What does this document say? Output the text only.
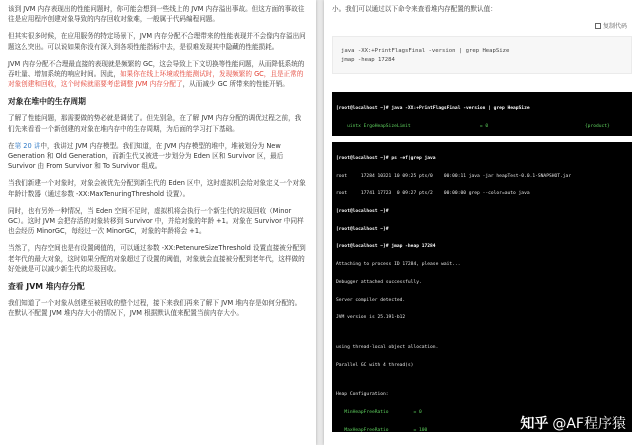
该到 JVM 内存表现出的性能问题时，你可能会想到一些线上的 JVM 内存溢出事故。但这方面的事故往往是应用程序创建对象导致的内存回收对象难，一般属于代码编程问题。
但其实很多时候，在应用服务的特定场景下，JVM 内存分配不合理带来的性能表现并不会像内存溢出问题这么突出。可以说如果你没有深入到各项性能指标中去，是很难发现其中隐藏的性能损耗。
JVM 内存分配不合理最直接的表现就是频繁的 GC，这会导致上下文切换等性能问题，从而降低系统的吞吐量、增加系统的响应时间。因此，如果你在线上环境或性能测试时，发现频繁的 GC，且是正常的对象创建和回收，这个时候就需要考虑调整 JVM 内存分配了，从而减少 GC 所带来的性能开销。
对象在堆中的生存周期
了解了性能问题，那需要做的势必就是调优了。但先别急，在了解 JVM 内存分配的调优过程之前，我们先来看看一个新创建的对象在堆内存中的生存周期，为后面的学习打下基础。
在第 20 讲中，我讲过 JVM 内存模型。我们知道，在 JVM 内存模型的堆中，堆被划分为 New Generation 和 Old Generation，而新生代又被进一步划分为 Eden 区和 Survivor 区，最后 Survivor 由 From Survivor 和 To Survivor 组成。
当我们新建一个对象时，对象会被优先分配到新生代的 Eden 区中，这时虚拟机会给对象定义一个对象年龄计数器（通过参数 -XX:MaxTenuringThreshold 设置）。
同时，也有另外一种情况，当 Eden 空间不足时，虚拟机将会执行一个新生代的垃圾回收（Minor GC）。这时 JVM 会把存活的对象转移到 Survivor 中，并给对象的年龄 +1。对象在 Survivor 中同样也会经历 MinorGC，每经过一次 MinorGC，对象的年龄将会 +1。
当然了，内存空间也是有设置阈值的，可以通过参数 -XX:PetenureSizeThreshold 设置直接被分配到老年代的最大对象，这时如果分配的对象超过了设置的阈值，对象就会直接被分配到老年代，这样做的好处就是可以减少新生代的垃圾回收。
查看 JVM 堆内存分配
我们知道了一个对象从创建至被回收的整个过程，接下来我们再来了解下 JVM 堆内存是如何分配的。在默认不配置 JVM 堆内存大小的情况下，JVM 根据默认值来配置当前内存大小。
小。我们可以通过以下命令来查看堆内存配置的默认值：
复制代码
java -XX:+PrintFlagsFinal -version | grep HeapSize
jmap -heap 17284

[root@localhost ~]# java -XX:+PrintFlagsFinal -version | grep HeapSize

uintx ErgoHeapSizeLimit                         = 0                                   {product}

[root@localhost ~]# ps -ef|grep java

root     17284 10321 10 09:25 pts/0    00:00:11 java -jar heapTest-0.0.1-SNAPSHOT.jar

root     17741 17723  0 09:27 pts/2    00:00:00 grep --color=auto java

[root@localhost ~]#

[root@localhost ~]#

[root@localhost ~]# jmap -heap 17284

Attaching to process ID 17284, please wait...

Debugger attached successfully.

Server compiler detected.

JVM version is 25.191-b12

using thread-local object allocation.

Parallel GC with 4 thread(s)

Heap Configuration:

MinHeapFreeRatio         = 0

MaxHeapFreeRatio         = 100

	知乎 @AF程序猿
